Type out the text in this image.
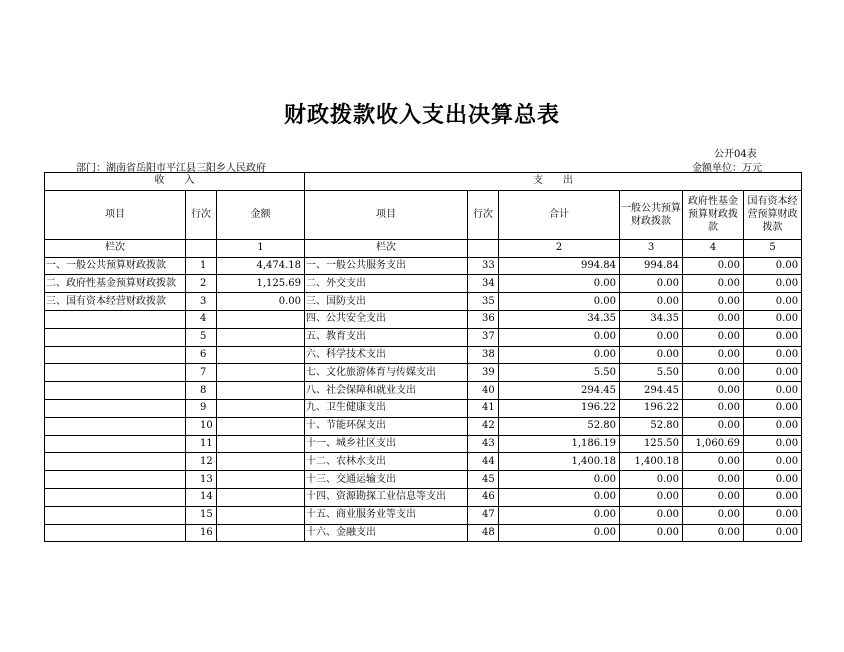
财政拨款收入支出决算总表
公开04表
部门：湖南省岳阳市平江县三阳乡人民政府	金额单位：万元
收　　入			支　　出					
项目	行次	金额	项目	行次	合计	一般公共预算财政拨款	政府性基金预算财政拨款	国有资本经营预算财政拨款
栏次		1	栏次		2	3	4	5
一、一般公共预算财政拨款	1	4,474.18	一、一般公共服务支出	33	994.84	994.84	0.00	0.00
二、政府性基金预算财政拨款	2	1,125.69	二、外交支出	34	0.00	0.00	0.00	0.00
三、国有资本经营财政拨款	3	0.00	三、国防支出	35	0.00	0.00	0.00	0.00
	4		四、公共安全支出	36	34.35	34.35	0.00	0.00
	5		五、教育支出	37	0.00	0.00	0.00	0.00
	6		六、科学技术支出	38	0.00	0.00	0.00	0.00
	7		七、文化旅游体育与传媒支出	39	5.50	5.50	0.00	0.00
	8		八、社会保障和就业支出	40	294.45	294.45	0.00	0.00
	9		九、卫生健康支出	41	196.22	196.22	0.00	0.00
	10		十、节能环保支出	42	52.80	52.80	0.00	0.00
	11		十一、城乡社区支出	43	1,186.19	125.50	1,060.69	0.00
	12		十二、农林水支出	44	1,400.18	1,400.18	0.00	0.00
	13		十三、交通运输支出	45	0.00	0.00	0.00	0.00
	14		十四、资源勘探工业信息等支出	46	0.00	0.00	0.00	0.00
	15		十五、商业服务业等支出	47	0.00	0.00	0.00	0.00
	16		十六、金融支出	48	0.00	0.00	0.00	0.00
